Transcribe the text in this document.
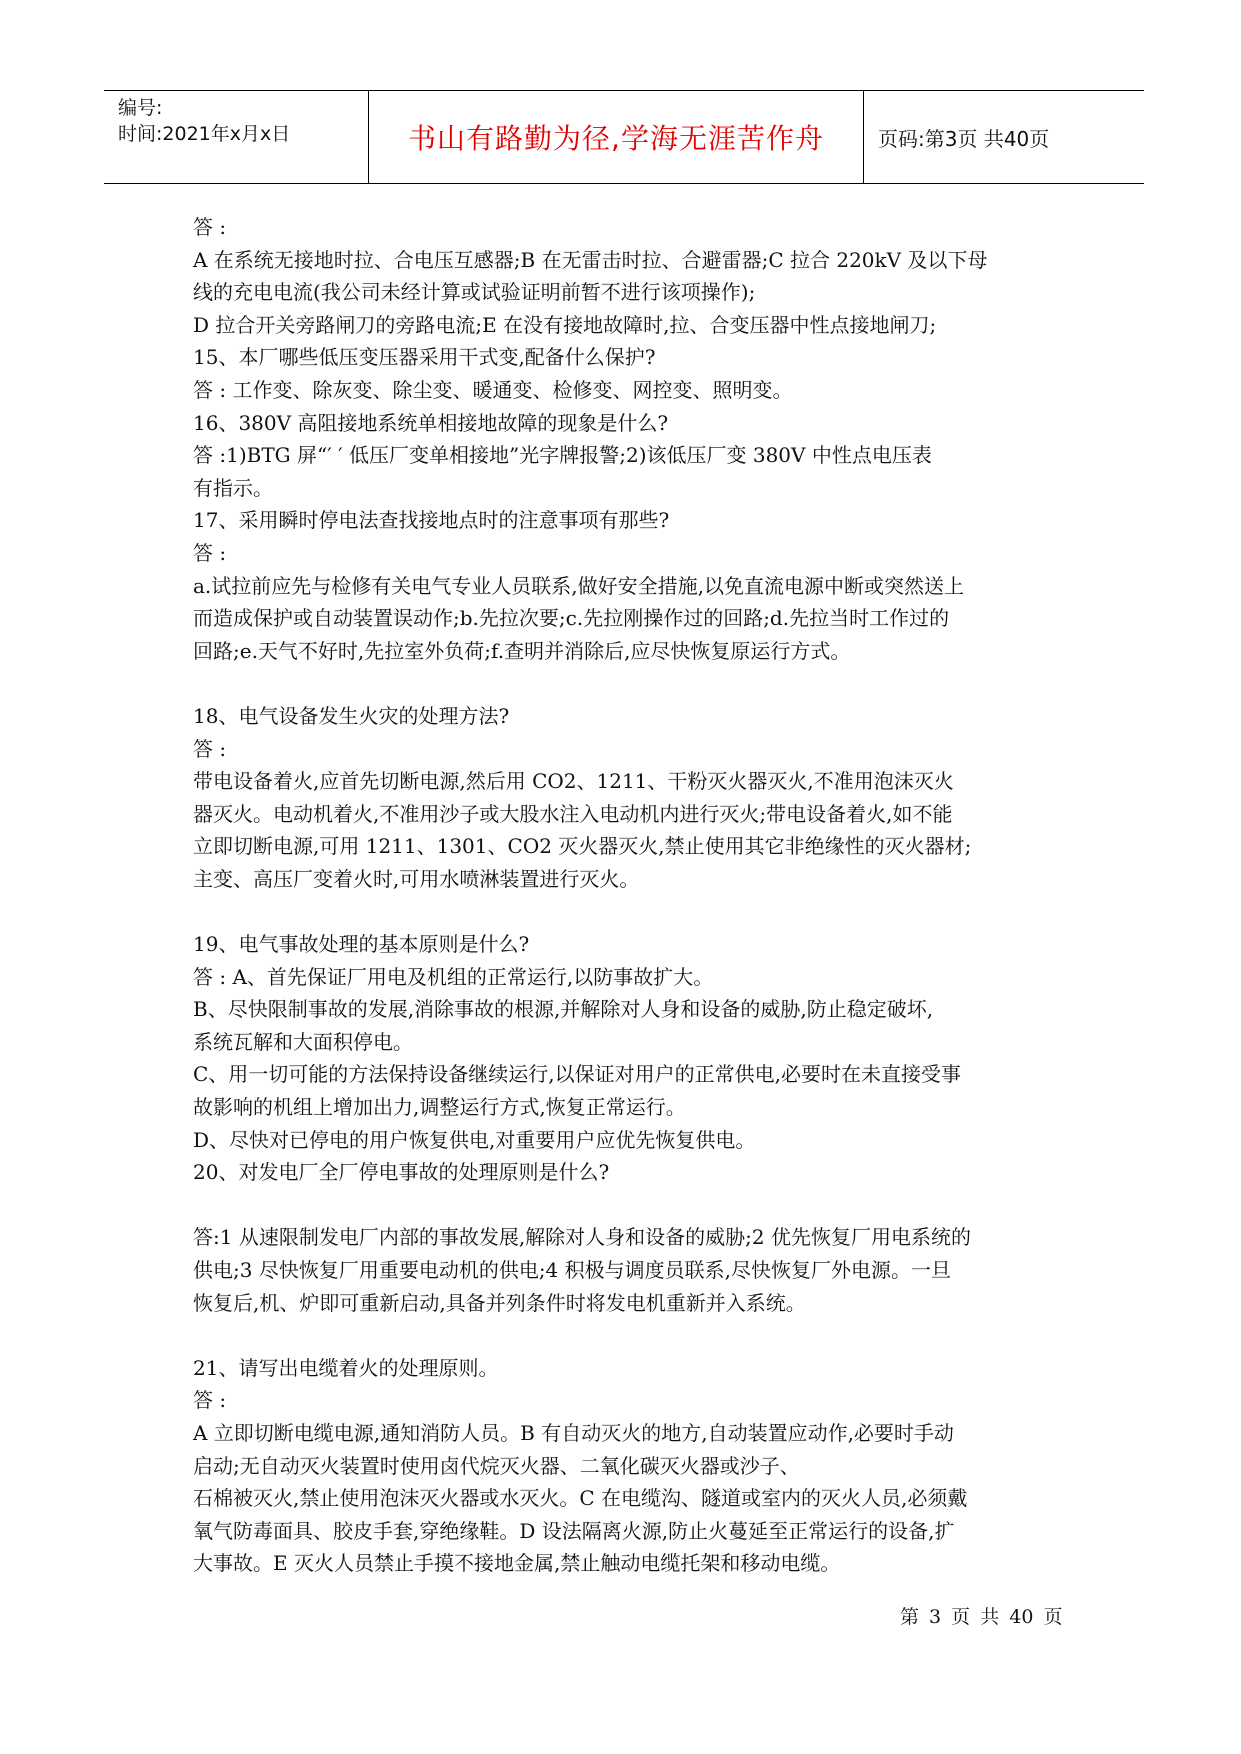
编号:
时间:2021年x月x日	书山有路勤为径,学海无涯苦作舟	页码:第3页 共40页

答 :

A 在系统无接地时拉、合电压互感器;B 在无雷击时拉、合避雷器;C 拉合 220kV 及以下母

线的充电电流(我公司未经计算或试验证明前暂不进行该项操作);

D 拉合开关旁路闸刀的旁路电流;E 在没有接地故障时,拉、合变压器中性点接地闸刀;

15、本厂哪些低压变压器采用干式变,配备什么保护?

答 : 工作变、除灰变、除尘变、暖通变、检修变、网控变、照明变。

16、380V 高阻接地系统单相接地故障的现象是什么?

答 :1)BTG 屏“′ ′ 低压厂变单相接地”光字牌报警;2)该低压厂变 380V 中性点电压表

有指示。

17、采用瞬时停电法查找接地点时的注意事项有那些?

答 :

a.试拉前应先与检修有关电气专业人员联系,做好安全措施,以免直流电源中断或突然送上

而造成保护或自动装置误动作;b.先拉次要;c.先拉刚操作过的回路;d.先拉当时工作过的

回路;e.天气不好时,先拉室外负荷;f.查明并消除后,应尽快恢复原运行方式。

18、电气设备发生火灾的处理方法?

答 :

带电设备着火,应首先切断电源,然后用 CO2、1211、干粉灭火器灭火,不准用泡沫灭火

器灭火。电动机着火,不准用沙子或大股水注入电动机内进行灭火;带电设备着火,如不能

立即切断电源,可用 1211、1301、CO2 灭火器灭火,禁止使用其它非绝缘性的灭火器材;

主变、高压厂变着火时,可用水喷淋装置进行灭火。

19、电气事故处理的基本原则是什么?

答 : A、首先保证厂用电及机组的正常运行,以防事故扩大。

B、尽快限制事故的发展,消除事故的根源,并解除对人身和设备的威胁,防止稳定破坏,

系统瓦解和大面积停电。

C、用一切可能的方法保持设备继续运行,以保证对用户的正常供电,必要时在未直接受事

故影响的机组上增加出力,调整运行方式,恢复正常运行。

D、尽快对已停电的用户恢复供电,对重要用户应优先恢复供电。

20、对发电厂全厂停电事故的处理原则是什么?

答:1 从速限制发电厂内部的事故发展,解除对人身和设备的威胁;2 优先恢复厂用电系统的

供电;3 尽快恢复厂用重要电动机的供电;4 积极与调度员联系,尽快恢复厂外电源。一旦

恢复后,机、炉即可重新启动,具备并列条件时将发电机重新并入系统。

21、请写出电缆着火的处理原则。

答 :

A 立即切断电缆电源,通知消防人员。B 有自动灭火的地方,自动装置应动作,必要时手动

启动;无自动灭火装置时使用卤代烷灭火器、二氧化碳灭火器或沙子、

石棉被灭火,禁止使用泡沫灭火器或水灭火。C 在电缆沟、隧道或室内的灭火人员,必须戴

氧气防毒面具、胶皮手套,穿绝缘鞋。D 设法隔离火源,防止火蔓延至正常运行的设备,扩

大事故。E 灭火人员禁止手摸不接地金属,禁止触动电缆托架和移动电缆。

第 3 页 共 40 页
